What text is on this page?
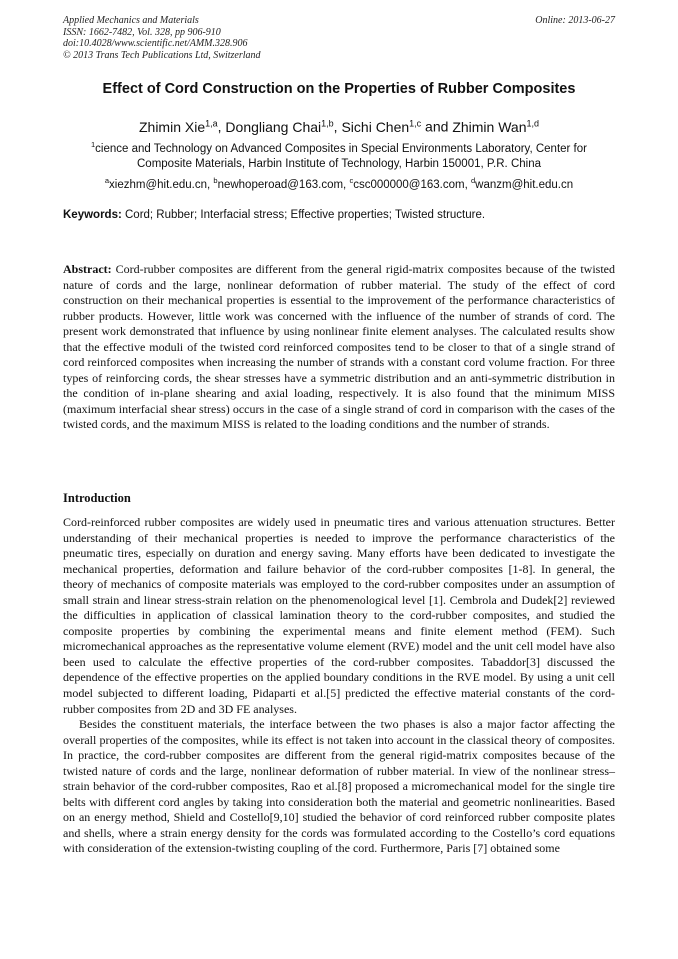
Applied Mechanics and Materials
ISSN: 1662-7482, Vol. 328, pp 906-910
doi:10.4028/www.scientific.net/AMM.328.906
© 2013 Trans Tech Publications Ltd, Switzerland
Online: 2013-06-27
Effect of Cord Construction on the Properties of Rubber Composites
Zhimin Xie$^{1,a}$, Dongliang Chai$^{1,b}$, Sichi Chen$^{1,c}$ and Zhimin Wan$^{1,d}$
$^1$cience and Technology on Advanced Composites in Special Environments Laboratory, Center for Composite Materials, Harbin Institute of Technology, Harbin 150001, P.R. China
$^a$xiezhm@hit.edu.cn, $^b$newhoperoad@163.com, $^c$csc000000@163.com, $^d$wanzm@hit.edu.cn
Keywords: Cord; Rubber; Interfacial stress; Effective properties; Twisted structure.

Abstract: Cord-rubber composites are different from the general rigid-matrix composites because of the twisted nature of cords and the large, nonlinear deformation of rubber material. The study of the effect of cord construction on their mechanical properties is essential to the improvement of the performance characteristics of rubber products. However, little work was concerned with the influence of the number of strands of cord. The present work demonstrated that influence by using nonlinear finite element analyses. The calculated results show that the effective moduli of the twisted cord reinforced composites tend to be closer to that of a single strand of cord reinforced composites when increasing the number of strands with a constant cord volume fraction. For three types of reinforcing cords, the shear stresses have a symmetric distribution and an anti-symmetric distribution in the condition of in-plane shearing and axial loading, respectively. It is also found that the minimum MISS (maximum interfacial shear stress) occurs in the case of a single strand of cord in comparison with the cases of the twisted cords, and the maximum MISS is related to the loading conditions and the number of strands.

Introduction

Cord-reinforced rubber composites are widely used in pneumatic tires and various attenuation structures. Better understanding of their mechanical properties is needed to improve the performance characteristics of the pneumatic tires, especially on duration and energy saving. Many efforts have been dedicated to investigate the mechanical properties, deformation and failure behavior of the cord-rubber composites [1-8]. In general, the theory of mechanics of composite materials was employed to the cord-rubber composites under an assumption of small strain and linear stress-strain relation on the phenomenological level [1]. Cembrola and Dudek[2] reviewed the difficulties in application of classical lamination theory to the cord-rubber composites, and studied the composite properties by combining the experimental means and finite element method (FEM). Such micromechanical approaches as the representative volume element (RVE) model and the unit cell model have also been used to calculate the effective properties of the cord-rubber composites. Tabaddor[3] discussed the dependence of the effective properties on the applied boundary conditions in the RVE model. By using a unit cell model subjected to different loading, Pidaparti et al.[5] predicted the effective material constants of the cord-rubber composites from 2D and 3D FE analyses.

Besides the constituent materials, the interface between the two phases is also a major factor affecting the overall properties of the composites, while its effect is not taken into account in the classical theory of composites. In practice, the cord-rubber composites are different from the general rigid-matrix composites because of the twisted nature of cords and the large, nonlinear deformation of rubber material. In view of the nonlinear stress–strain behavior of the cord-rubber composites, Rao et al.[8] proposed a micromechanical model for the single tire belts with different cord angles by taking into consideration both the material and geometric nonlinearities. Based on an energy method, Shield and Costello[9,10] studied the behavior of cord reinforced rubber composite plates and shells, where a strain energy density for the cords was formulated according to the Costello’s cord equations with consideration of the extension-twisting coupling of the cord. Furthermore, Paris [7] obtained some
